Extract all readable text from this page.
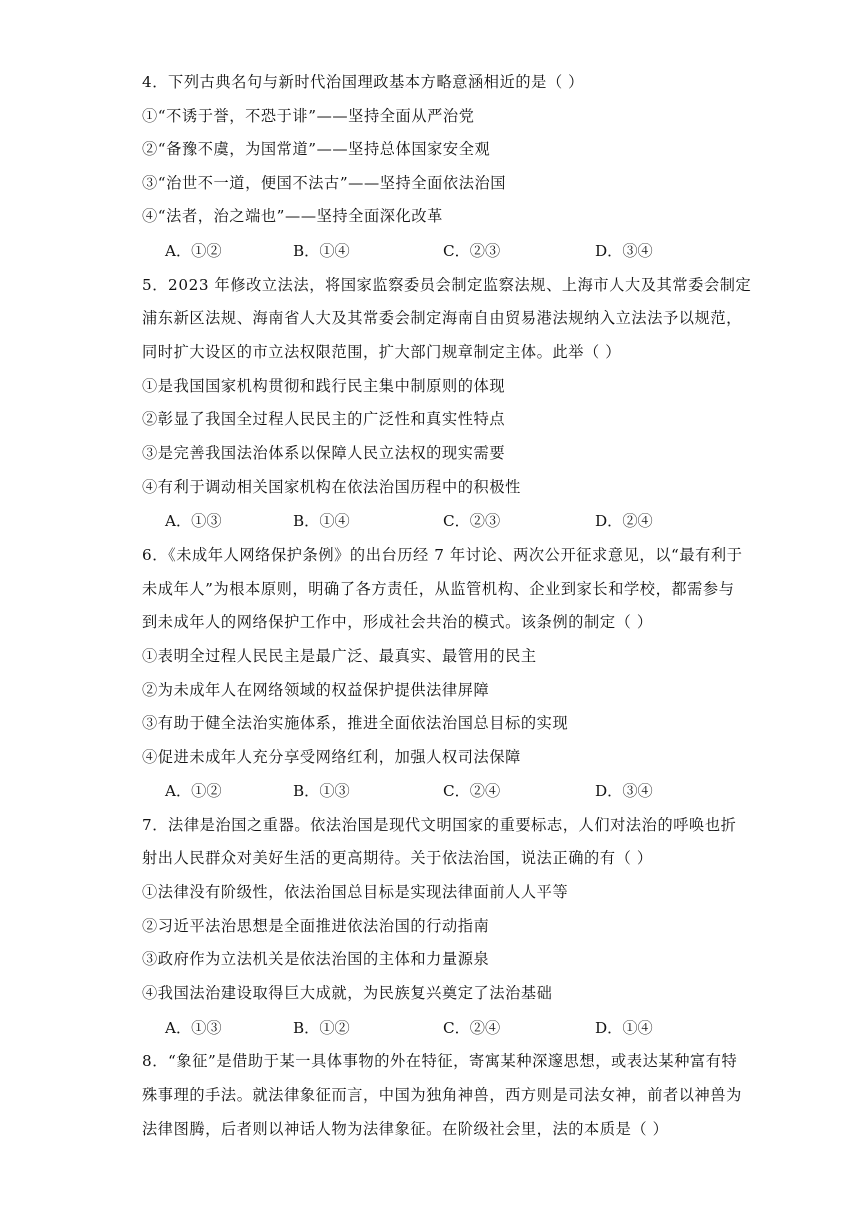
4．下列古典名句与新时代治国理政基本方略意涵相近的是（ ）
①“不诱于誉，不恐于诽”——坚持全面从严治党
②“备豫不虞，为国常道”——坚持总体国家安全观
③“治世不一道，便国不法古”——坚持全面依法治国
④“法者，治之端也”——坚持全面深化改革
A．①②	B．①④	C．②③	D．③④
5．2023 年修改立法法，将国家监察委员会制定监察法规、上海市人大及其常委会制定
浦东新区法规、海南省人大及其常委会制定海南自由贸易港法规纳入立法法予以规范，
同时扩大设区的市立法权限范围，扩大部门规章制定主体。此举（ ）
①是我国国家机构贯彻和践行民主集中制原则的体现
②彰显了我国全过程人民民主的广泛性和真实性特点
③是完善我国法治体系以保障人民立法权的现实需要
④有利于调动相关国家机构在依法治国历程中的积极性
A．①③	B．①④	C．②③	D．②④
6．《未成年人网络保护条例》的出台历经 7 年讨论、两次公开征求意见，以“最有利于
未成年人”为根本原则，明确了各方责任，从监管机构、企业到家长和学校，都需参与
到未成年人的网络保护工作中，形成社会共治的模式。该条例的制定（ ）
①表明全过程人民民主是最广泛、最真实、最管用的民主
②为未成年人在网络领域的权益保护提供法律屏障
③有助于健全法治实施体系，推进全面依法治国总目标的实现
④促进未成年人充分享受网络红利，加强人权司法保障
A．①②	B．①③	C．②④	D．③④
7．法律是治国之重器。依法治国是现代文明国家的重要标志，人们对法治的呼唤也折
射出人民群众对美好生活的更高期待。关于依法治国，说法正确的有（ ）
①法律没有阶级性，依法治国总目标是实现法律面前人人平等
②习近平法治思想是全面推进依法治国的行动指南
③政府作为立法机关是依法治国的主体和力量源泉
④我国法治建设取得巨大成就，为民族复兴奠定了法治基础
A．①③	B．①②	C．②④	D．①④
8．“象征”是借助于某一具体事物的外在特征，寄寓某种深邃思想，或表达某种富有特
殊事理的手法。就法律象征而言，中国为独角神兽，西方则是司法女神，前者以神兽为
法律图腾，后者则以神话人物为法律象征。在阶级社会里，法的本质是（ ）
